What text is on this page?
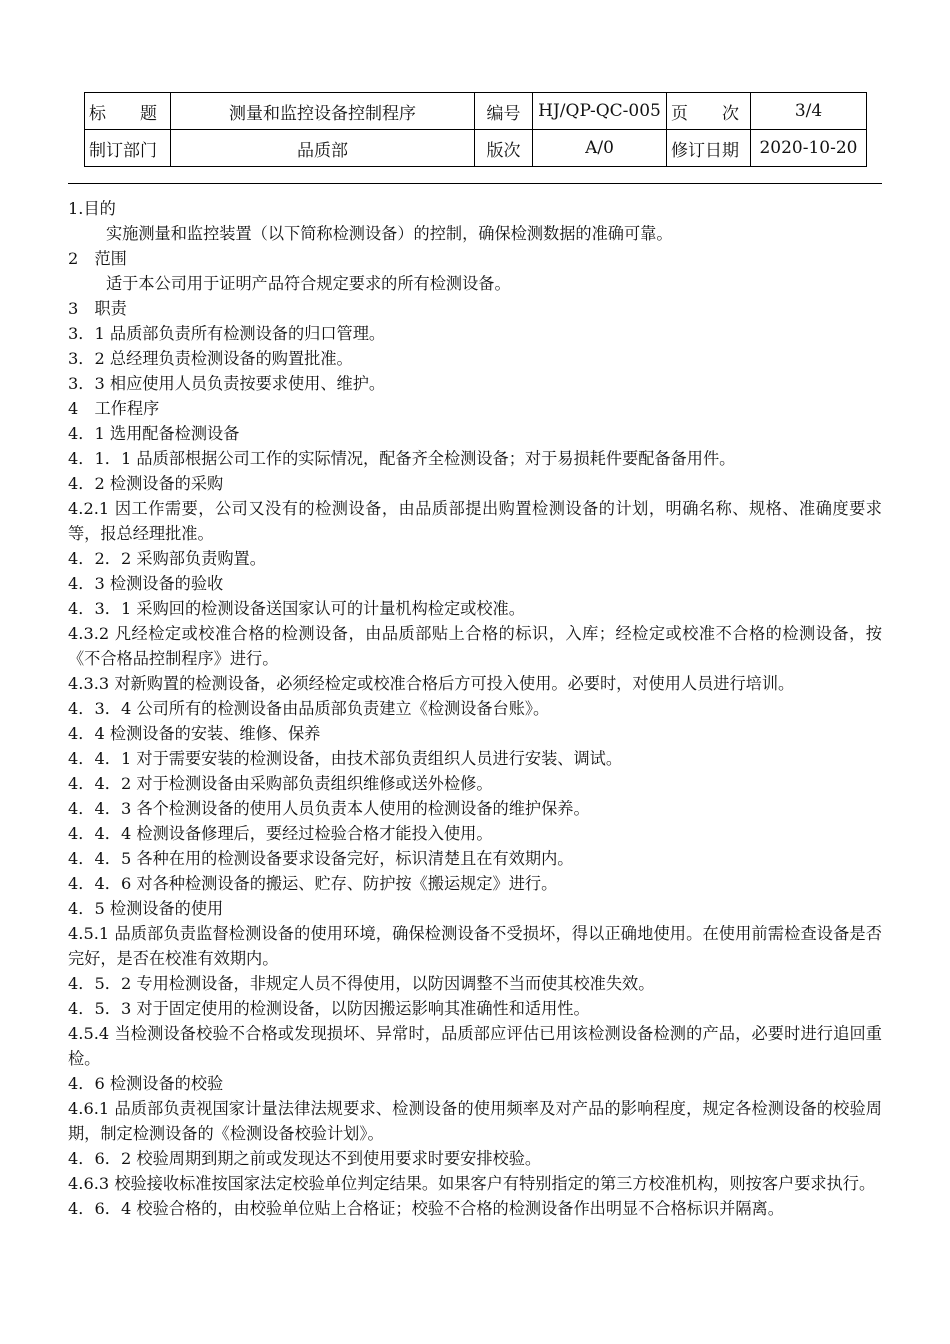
标　　题	测量和监控设备控制程序	编号	HJ/QP-QC-005	页　　次	3/4
制订部门	品质部	版次	A/0	修订日期	2020-10-20
1.目的
实施测量和监控装置（以下简称检测设备）的控制，确保检测数据的准确可靠。
2　范围
适于本公司用于证明产品符合规定要求的所有检测设备。
3　职责
3．1 品质部负责所有检测设备的归口管理。
3．2 总经理负责检测设备的购置批准。
3．3 相应使用人员负责按要求使用、维护。
4　工作程序
4．1 选用配备检测设备
4．1．1 品质部根据公司工作的实际情况，配备齐全检测设备；对于易损耗件要配备备用件。
4．2 检测设备的采购
4.2.1 因工作需要，公司又没有的检测设备，由品质部提出购置检测设备的计划，明确名称、规格、准确度要求等，报总经理批准。
4．2．2 采购部负责购置。
4．3 检测设备的验收
4．3．1 采购回的检测设备送国家认可的计量机构检定或校准。
4.3.2 凡经检定或校准合格的检测设备，由品质部贴上合格的标识，入库；经检定或校准不合格的检测设备，按《不合格品控制程序》进行。
4.3.3 对新购置的检测设备，必须经检定或校准合格后方可投入使用。必要时，对使用人员进行培训。
4．3．4 公司所有的检测设备由品质部负责建立《检测设备台账》。
4．4 检测设备的安装、维修、保养
4．4．1 对于需要安装的检测设备，由技术部负责组织人员进行安装、调试。
4．4．2 对于检测设备由采购部负责组织维修或送外检修。
4．4．3 各个检测设备的使用人员负责本人使用的检测设备的维护保养。
4．4．4 检测设备修理后，要经过检验合格才能投入使用。
4．4．5 各种在用的检测设备要求设备完好，标识清楚且在有效期内。
4．4．6 对各种检测设备的搬运、贮存、防护按《搬运规定》进行。
4．5 检测设备的使用
4.5.1 品质部负责监督检测设备的使用环境，确保检测设备不受损坏，得以正确地使用。在使用前需检查设备是否完好，是否在校准有效期内。
4．5．2 专用检测设备，非规定人员不得使用，以防因调整不当而使其校准失效。
4．5．3 对于固定使用的检测设备，以防因搬运影响其准确性和适用性。
4.5.4 当检测设备校验不合格或发现损坏、异常时，品质部应评估已用该检测设备检测的产品，必要时进行追回重检。
4．6 检测设备的校验
4.6.1 品质部负责视国家计量法律法规要求、检测设备的使用频率及对产品的影响程度，规定各检测设备的校验周期，制定检测设备的《检测设备校验计划》。
4．6．2 校验周期到期之前或发现达不到使用要求时要安排校验。
4.6.3 校验接收标准按国家法定校验单位判定结果。如果客户有特别指定的第三方校准机构，则按客户要求执行。
4．6．4 校验合格的，由校验单位贴上合格证；校验不合格的检测设备作出明显不合格标识并隔离。
